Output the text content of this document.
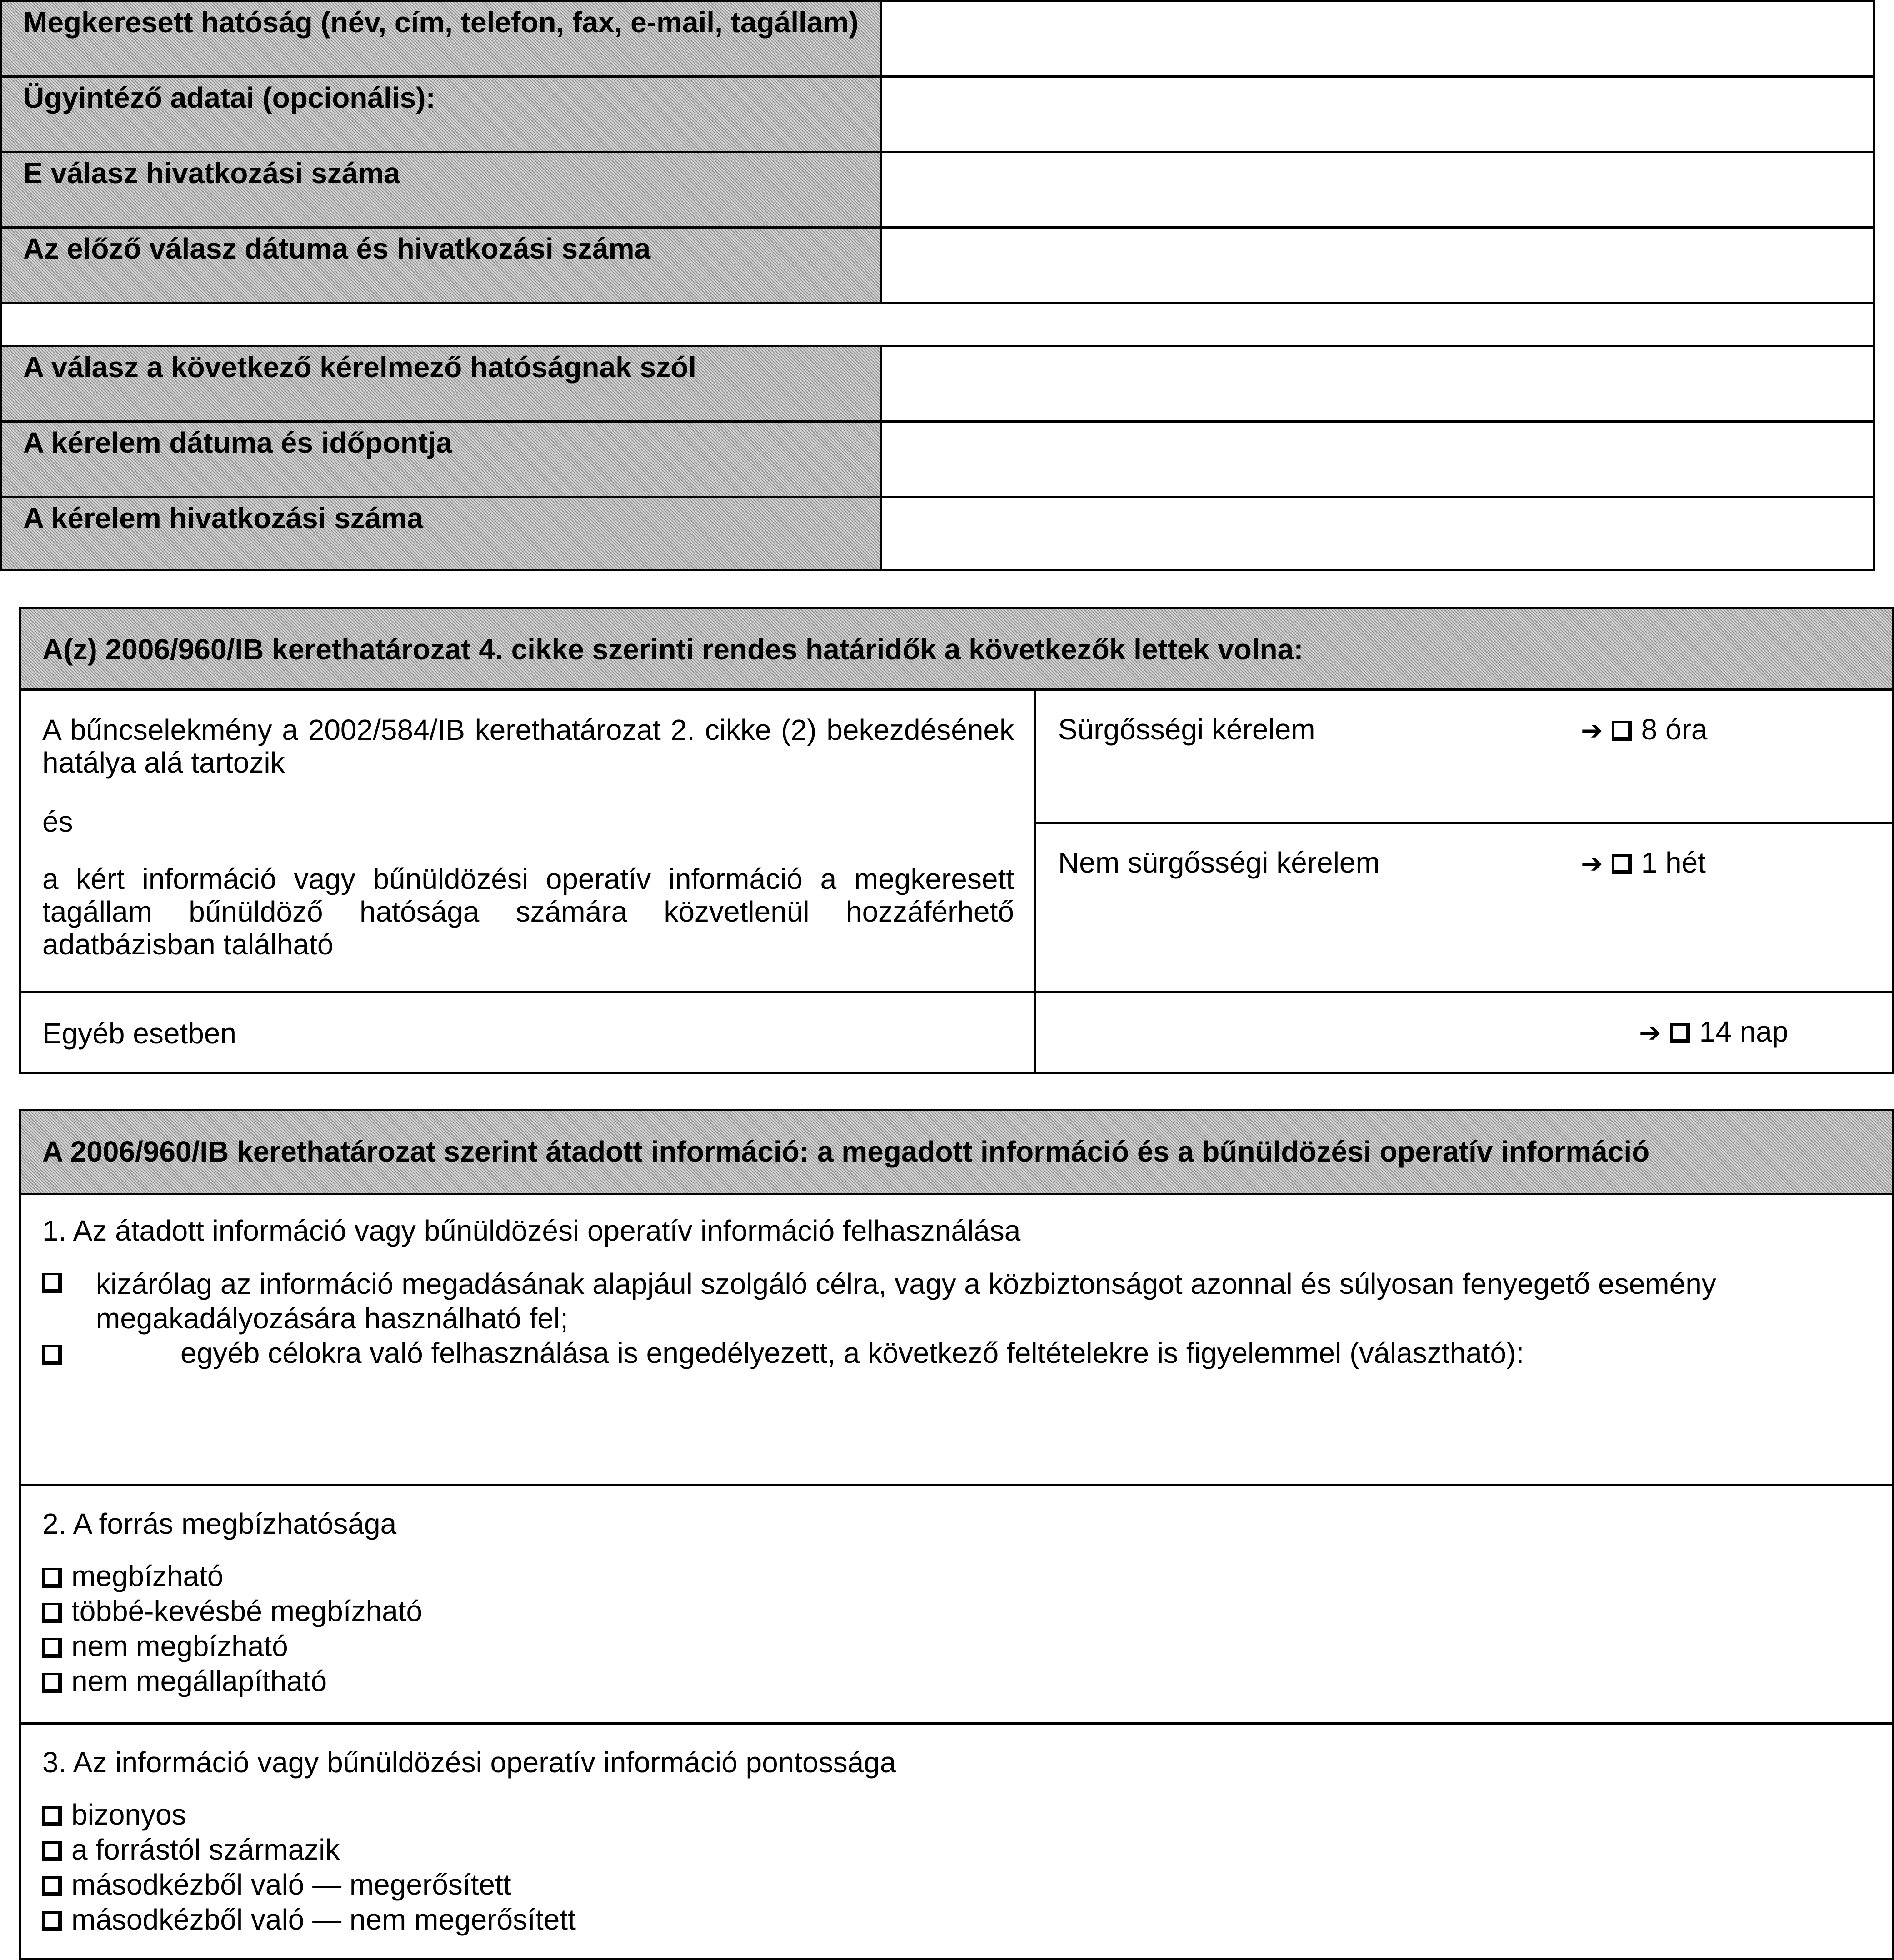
Megkeresett hatóság (név, cím, telefon, fax, e-mail, tagállam)
Ügyintéző adatai (opcionális):
E válasz hivatkozási száma
Az előző válasz dátuma és hivatkozási száma
A válasz a következő kérelmező hatóságnak szól
A kérelem dátuma és időpontja
A kérelem hivatkozási száma
A(z) 2006/960/IB kerethatározat 4. cikke szerinti rendes határidők a következők lettek volna:

A bűncselekmény a 2002/584/IB kerethatározat 2. cikke (2) bekezdésének hatálya alá tartozik

és

a kért információ vagy bűnüldözési operatív információ a megkeresett tagállam bűnüldöző hatósága számára közvetlenül hozzáférhető adatbázisban található

Sürgősségi kérelem	➔ 8 óra
Nem sürgősségi kérelem	➔ 1 hét
Egyéb esetben	➔ 14 nap
A 2006/960/IB kerethatározat szerint átadott információ: a megadott információ és a bűnüldözési operatív információ
1. Az átadott információ vagy bűnüldözési operatív információ felhasználása
kizárólag az információ megadásának alapjául szolgáló célra, vagy a közbiztonságot azonnal és súlyosan fenyegető esemény megakadályozására használható fel;
egyéb célokra való felhasználása is engedélyezett, a következő feltételekre is figyelemmel (választható):
2. A forrás megbízhatósága
megbízható
többé-kevésbé megbízható
nem megbízható
nem megállapítható
3. Az információ vagy bűnüldözési operatív információ pontossága
bizonyos
a forrástól származik
másodkézből való — megerősített
másodkézből való — nem megerősített
